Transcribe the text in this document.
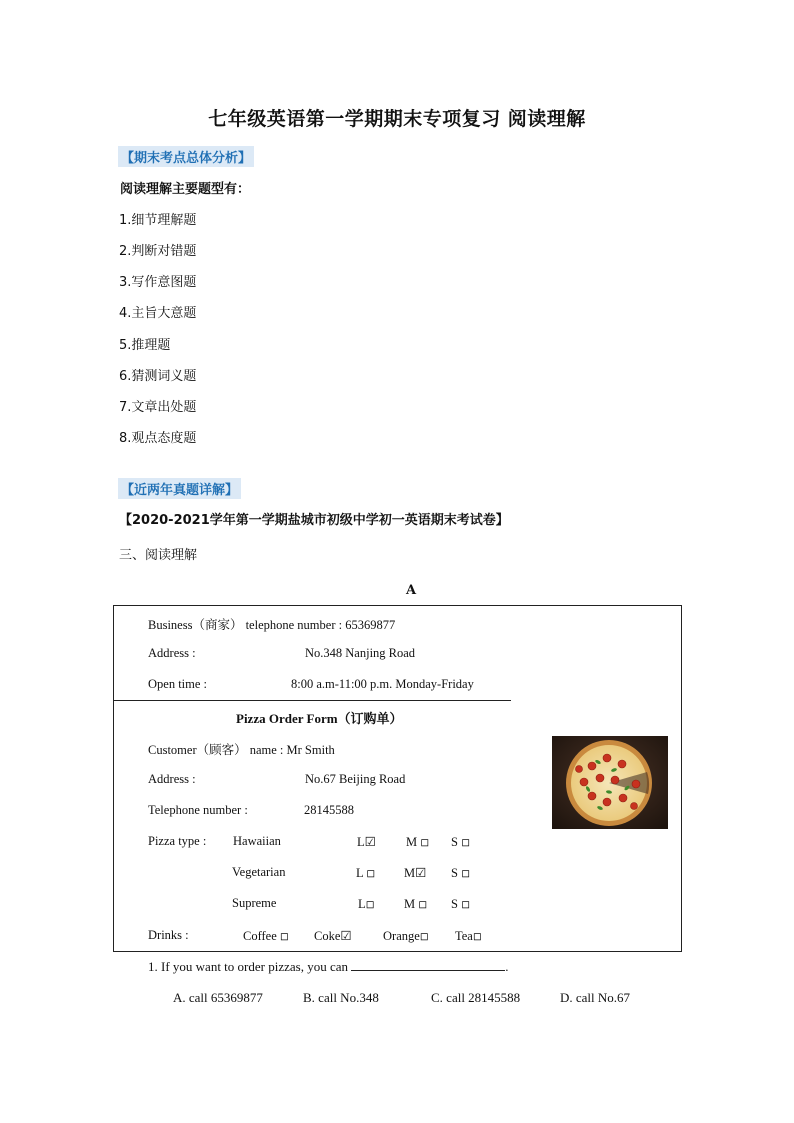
七年级英语第一学期期末专项复习 阅读理解
【期末考点总体分析】
阅读理解主要题型有：
1.细节理解题
2.判断对错题
3.写作意图题
4.主旨大意题
5.推理题
6.猜测词义题
7.文章出处题
8.观点态度题
【近两年真题详解】
【2020-2021学年第一学期盐城市初级中学初一英语期末考试卷】
三、阅读理解
A
Business（商家） telephone number : 65369877
Address :	No.348 Nanjing Road
Open time :	8:00 a.m-11:00 p.m. Monday-Friday
Pizza Order Form（订购单）
Customer（顾客） name : Mr Smith
Address :	No.67 Beijing Road
Telephone number :	28145588
Pizza type : Hawaiian	L☑ M ◽ S ◽
Vegetarian	L ◽ M☑ S ◽
Supreme	L◽ M ◽ S ◽
Drinks :	Coffee ◽ Coke☑	Orange◽ Tea◽
1. If you want to order pizzas, you can	.
A. call 65369877	B. call No.348	C. call 28145588	D. call No.67
